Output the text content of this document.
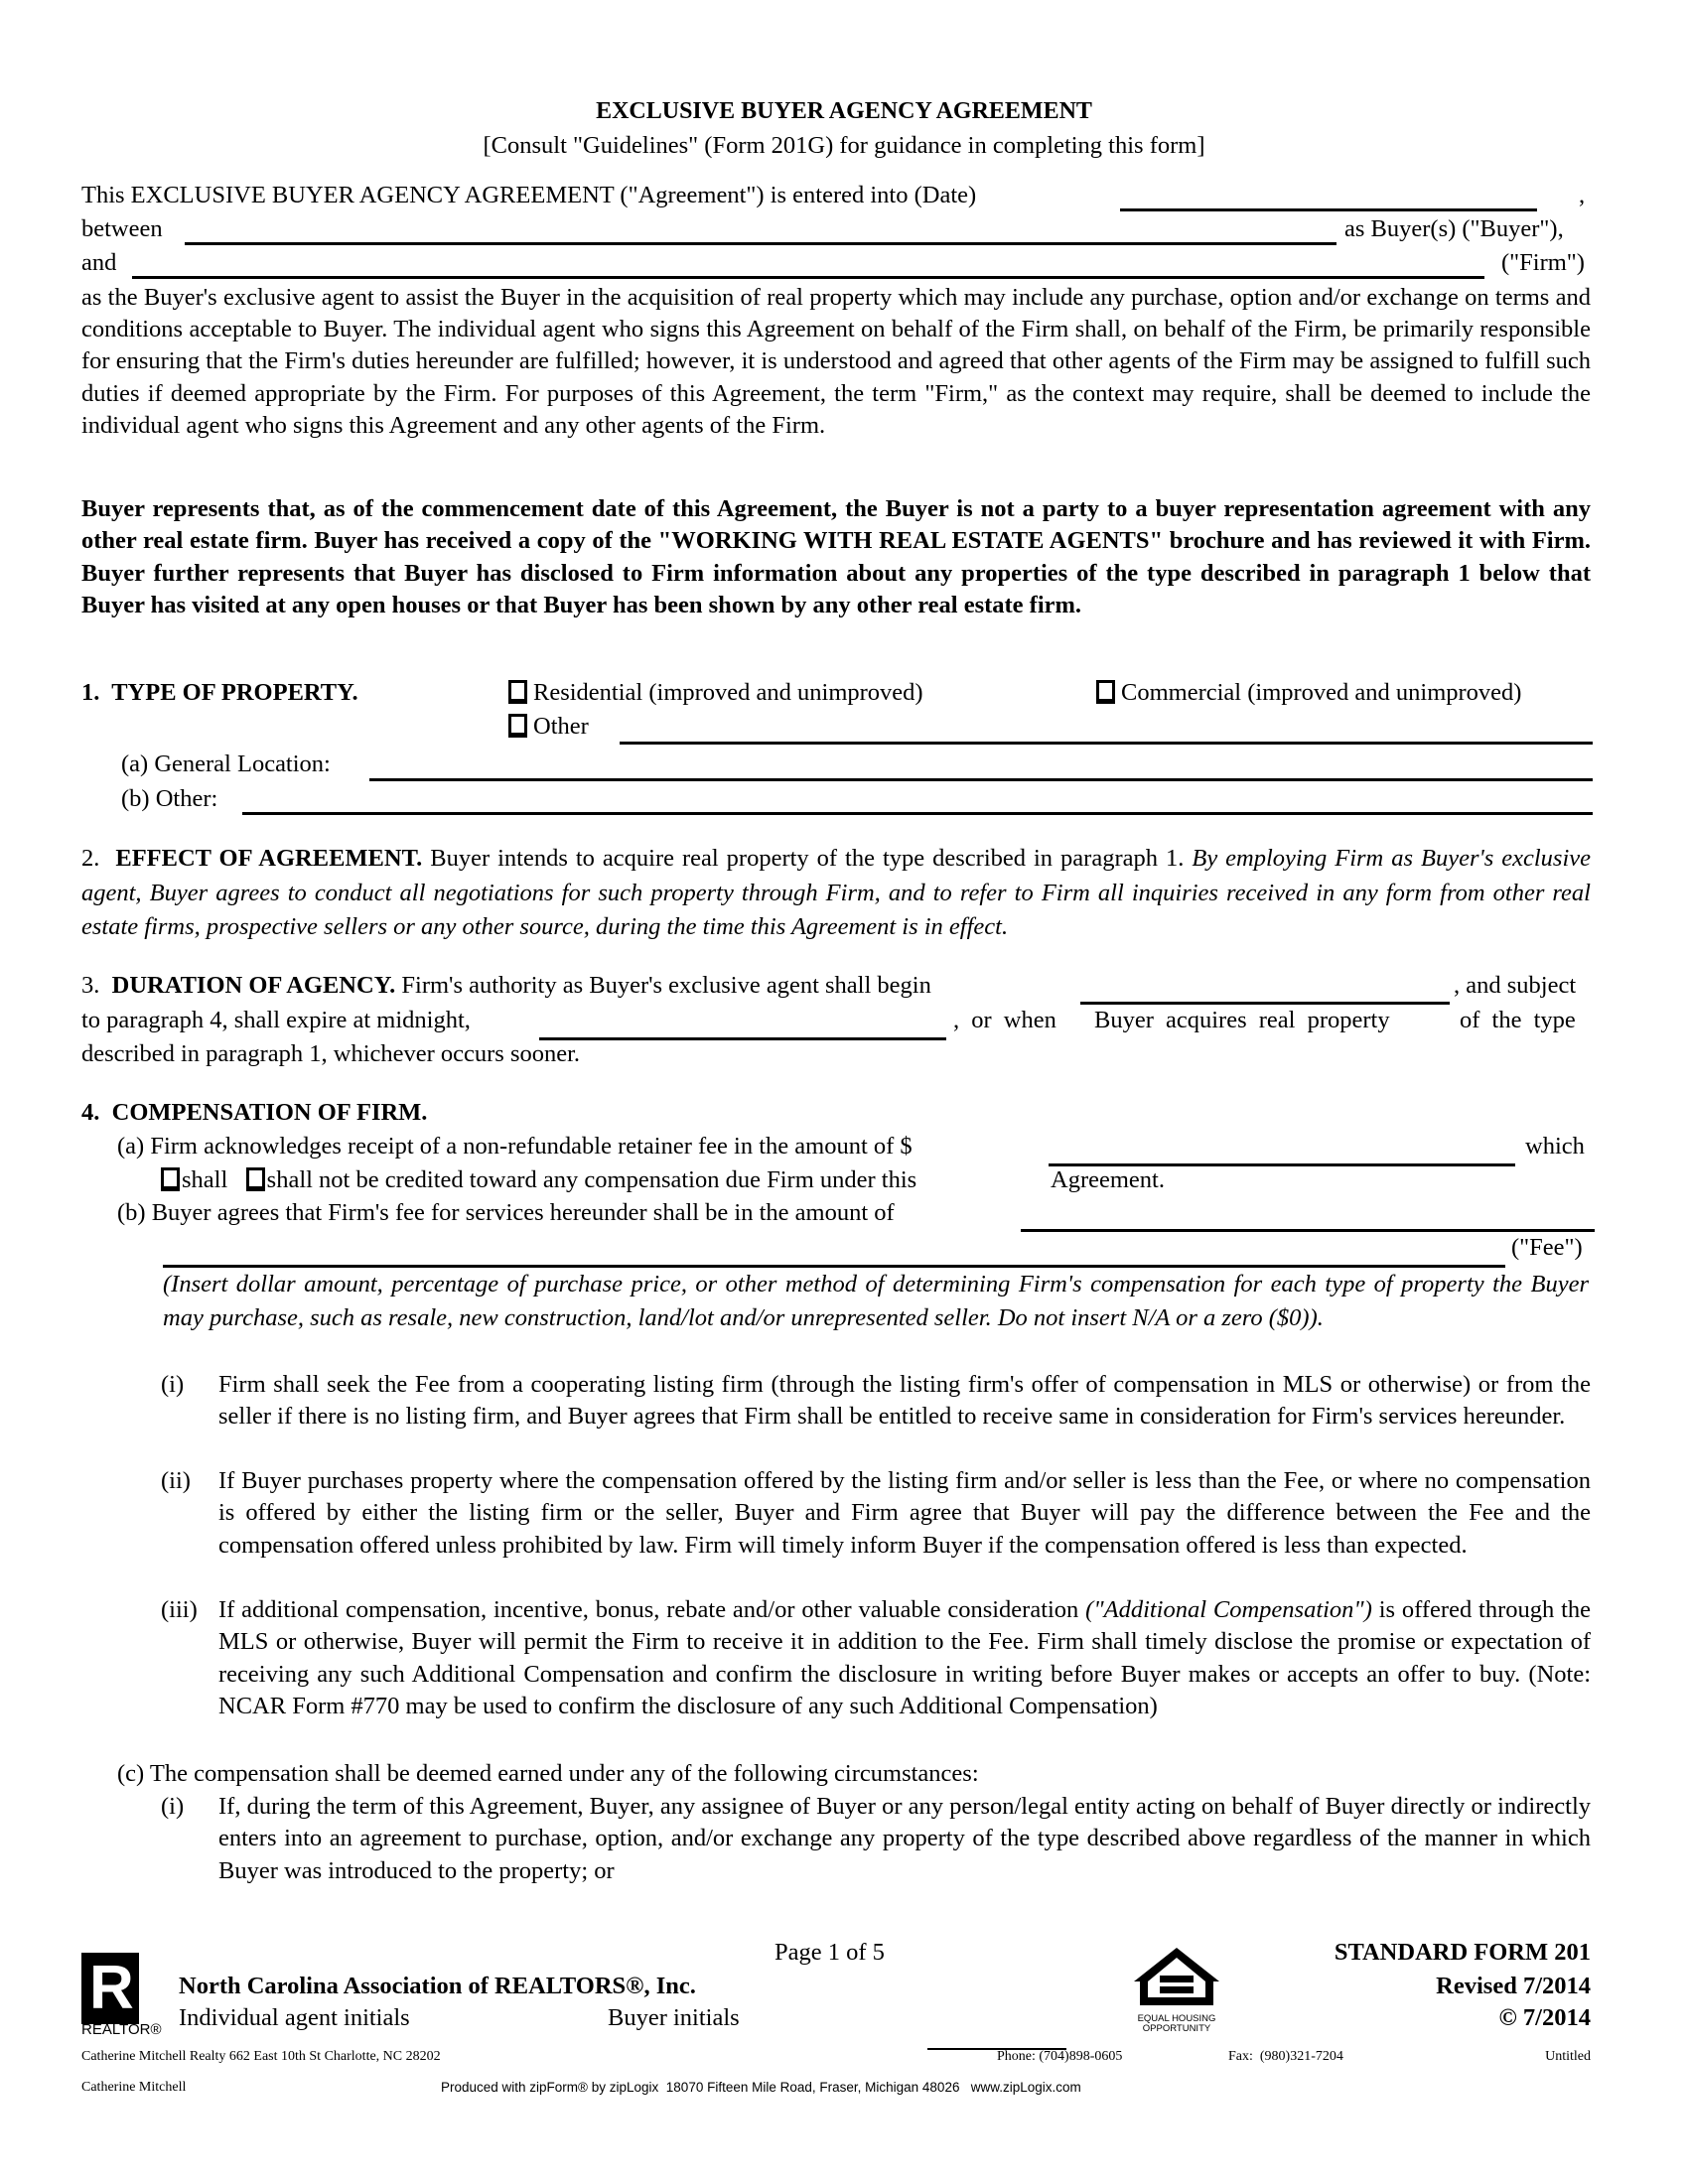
EXCLUSIVE BUYER AGENCY AGREEMENT
[Consult "Guidelines" (Form 201G) for guidance in completing this form]
This EXCLUSIVE BUYER AGENCY AGREEMENT ("Agreement") is entered into (Date)	,
between	as Buyer(s) ("Buyer"),
and	("Firm")
as the Buyer's exclusive agent to assist the Buyer in the acquisition of real property which may include any purchase, option and/or exchange on terms and conditions acceptable to Buyer. The individual agent who signs this Agreement on behalf of the Firm shall, on behalf of the Firm, be primarily responsible for ensuring that the Firm's duties hereunder are fulfilled; however, it is understood and agreed that other agents of the Firm may be assigned to fulfill such duties if deemed appropriate by the Firm. For purposes of this Agreement, the term "Firm," as the context may require, shall be deemed to include the individual agent who signs this Agreement and any other agents of the Firm.
Buyer represents that, as of the commencement date of this Agreement, the Buyer is not a party to a buyer representation agreement with any other real estate firm. Buyer has received a copy of the "WORKING WITH REAL ESTATE AGENTS" brochure and has reviewed it with Firm. Buyer further represents that Buyer has disclosed to Firm information about any properties of the type described in paragraph 1 below that Buyer has visited at any open houses or that Buyer has been shown by any other real estate firm.
1. TYPE OF PROPERTY.	Residential (improved and unimproved)	Commercial (improved and unimproved)
Other
(a) General Location:
(b) Other:
2. EFFECT OF AGREEMENT. Buyer intends to acquire real property of the type described in paragraph 1. By employing Firm as Buyer's exclusive agent, Buyer agrees to conduct all negotiations for such property through Firm, and to refer to Firm all inquiries received in any form from other real estate firms, prospective sellers or any other source, during the time this Agreement is in effect.
3. DURATION OF AGENCY. Firm's authority as Buyer's exclusive agent shall begin	, and subject
to paragraph 4, shall expire at midnight,	, or when Buyer acquires real property	of the type
described in paragraph 1, whichever occurs sooner.
4. COMPENSATION OF FIRM.
(a) Firm acknowledges receipt of a non-refundable retainer fee in the amount of $	which
shall shall not be credited toward any compensation due Firm under this	Agreement.
(b) Buyer agrees that Firm's fee for services hereunder shall be in the amount of
("Fee")
(Insert dollar amount, percentage of purchase price, or other method of determining Firm's compensation for each type of property the Buyer may purchase, such as resale, new construction, land/lot and/or unrepresented seller. Do not insert N/A or a zero ($0)).
(i) Firm shall seek the Fee from a cooperating listing firm (through the listing firm's offer of compensation in MLS or otherwise) or from the seller if there is no listing firm, and Buyer agrees that Firm shall be entitled to receive same in consideration for Firm's services hereunder.
(ii) If Buyer purchases property where the compensation offered by the listing firm and/or seller is less than the Fee, or where no compensation is offered by either the listing firm or the seller, Buyer and Firm agree that Buyer will pay the difference between the Fee and the compensation offered unless prohibited by law. Firm will timely inform Buyer if the compensation offered is less than expected.
(iii) If additional compensation, incentive, bonus, rebate and/or other valuable consideration ("Additional Compensation") is offered through the MLS or otherwise, Buyer will permit the Firm to receive it in addition to the Fee. Firm shall timely disclose the promise or expectation of receiving any such Additional Compensation and confirm the disclosure in writing before Buyer makes or accepts an offer to buy. (Note: NCAR Form #770 may be used to confirm the disclosure of any such Additional Compensation)
(c) The compensation shall be deemed earned under any of the following circumstances:
(i) If, during the term of this Agreement, Buyer, any assignee of Buyer or any person/legal entity acting on behalf of Buyer directly or indirectly enters into an agreement to purchase, option, and/or exchange any property of the type described above regardless of the manner in which Buyer was introduced to the property; or
Page 1 of 5
R
REALTOR®
North Carolina Association of REALTORS®, Inc.
Individual agent initials	Buyer initials	EQUAL HOUSING
OPPORTUNITY
STANDARD FORM 201
Revised 7/2014
© 7/2014
Catherine Mitchell Realty 662 East 10th St Charlotte, NC 28202	Phone: (704)898-0605	Fax:  (980)321-7204	Untitled
Catherine Mitchell	Produced with zipForm® by zipLogix  18070 Fifteen Mile Road, Fraser, Michigan 48026   www.zipLogix.com
